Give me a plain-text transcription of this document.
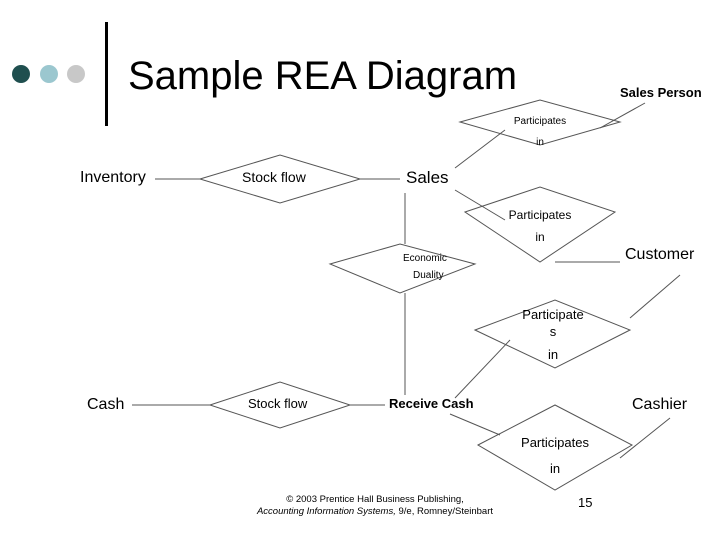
Sample REA Diagram
Inventory	Sales
Sales Person
Customer
Cash	Receive Cash	Cashier
Stock flow
Stock flow
Participates
in
Participates
in
Economic
Duality
Participate
s
in
Participates
in
© 2003 Prentice Hall Business Publishing,
Accounting Information Systems, 9/e, Romney/Steinbart
15
